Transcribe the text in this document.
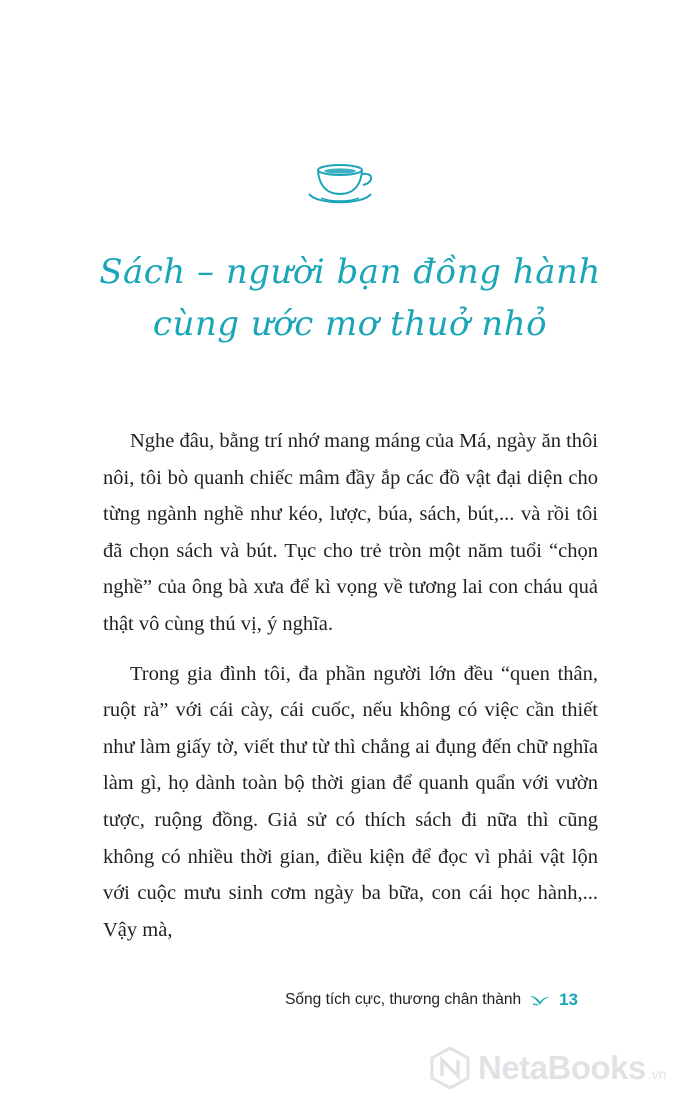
Sách – người bạn đồng hành
cùng ước mơ thuở nhỏ

Nghe đâu, bằng trí nhớ mang máng của Má, ngày ăn thôi nôi, tôi bò quanh chiếc mâm đầy ắp các đồ vật đại diện cho từng ngành nghề như kéo, lược, búa, sách, bút,... và rồi tôi đã chọn sách và bút. Tục cho trẻ tròn một năm tuổi “chọn nghề” của ông bà xưa để kì vọng về tương lai con cháu quả thật vô cùng thú vị, ý nghĩa.

Trong gia đình tôi, đa phần người lớn đều “quen thân, ruột rà” với cái cày, cái cuốc, nếu không có việc cần thiết như làm giấy tờ, viết thư từ thì chẳng ai đụng đến chữ nghĩa làm gì, họ dành toàn bộ thời gian để quanh quẩn với vườn tược, ruộng đồng. Giả sử có thích sách đi nữa thì cũng không có nhiều thời gian, điều kiện để đọc vì phải vật lộn với cuộc mưu sinh cơm ngày ba bữa, con cái học hành,... Vậy mà,

Sống tích cực, thương chân thành 13
NetaBooks .vn
